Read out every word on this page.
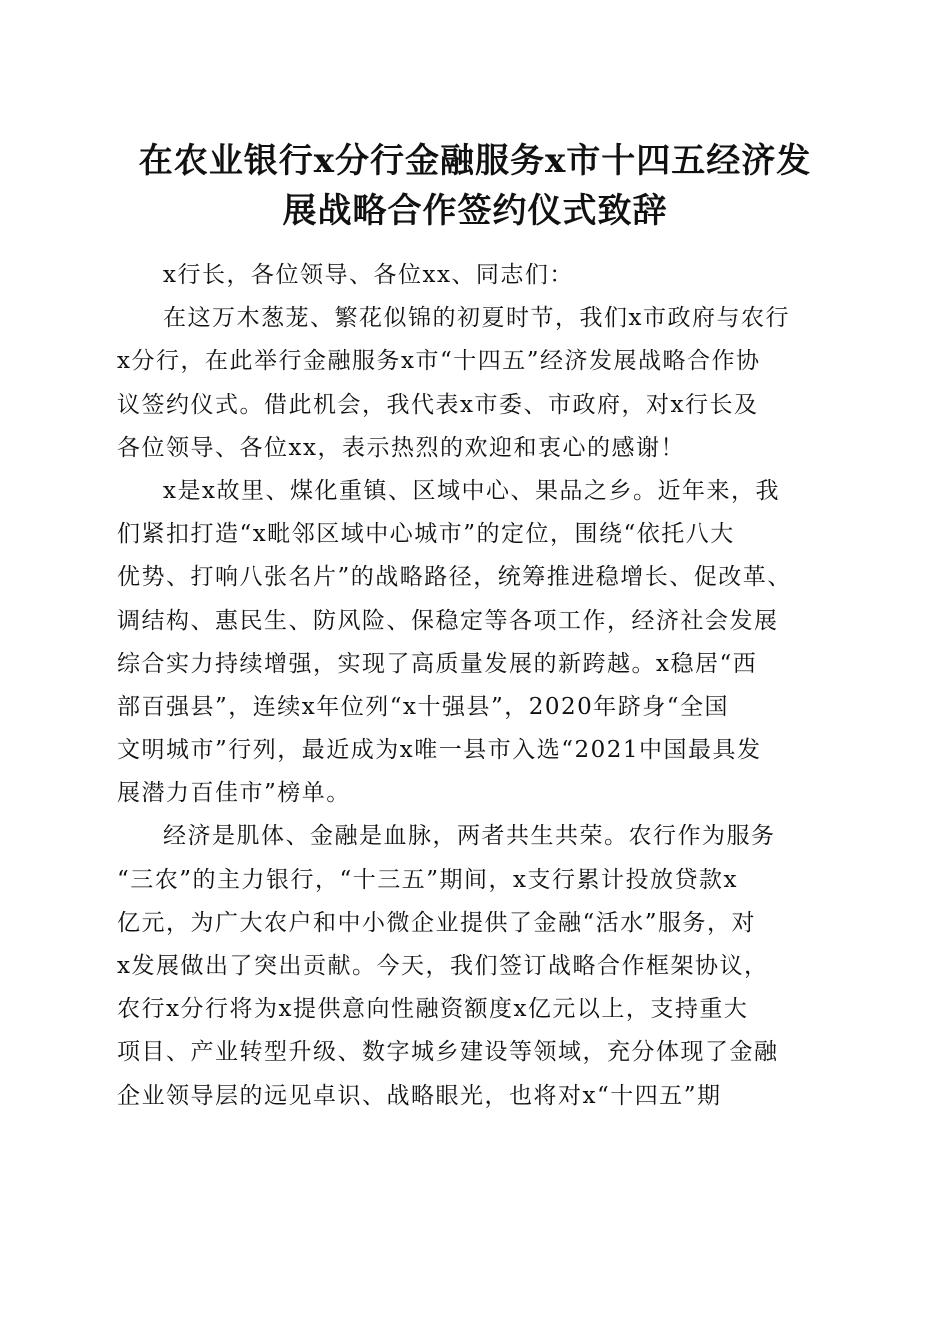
在农业银行x分行金融服务x市十四五经济发
展战略合作签约仪式致辞
x行长，各位领导、各位xx、同志们：
在这万木葱茏、繁花似锦的初夏时节，我们x市政府与农行
x分行，在此举行金融服务x市“十四五”经济发展战略合作协
议签约仪式。借此机会，我代表x市委、市政府，对x行长及
各位领导、各位xx，表示热烈的欢迎和衷心的感谢！
x是x故里、煤化重镇、区域中心、果品之乡。近年来，我
们紧扣打造“x毗邻区域中心城市”的定位，围绕“依托八大
优势、打响八张名片”的战略路径，统筹推进稳增长、促改革、
调结构、惠民生、防风险、保稳定等各项工作，经济社会发展
综合实力持续增强，实现了高质量发展的新跨越。x稳居“西
部百强县”，连续x年位列“x十强县”，2020年跻身“全国
文明城市”行列，最近成为x唯一县市入选“2021中国最具发
展潜力百佳市”榜单。
经济是肌体、金融是血脉，两者共生共荣。农行作为服务
“三农”的主力银行，“十三五”期间，x支行累计投放贷款x
亿元，为广大农户和中小微企业提供了金融“活水”服务，对
x发展做出了突出贡献。今天，我们签订战略合作框架协议，
农行x分行将为x提供意向性融资额度x亿元以上，支持重大
项目、产业转型升级、数字城乡建设等领域，充分体现了金融
企业领导层的远见卓识、战略眼光，也将对x“十四五”期
